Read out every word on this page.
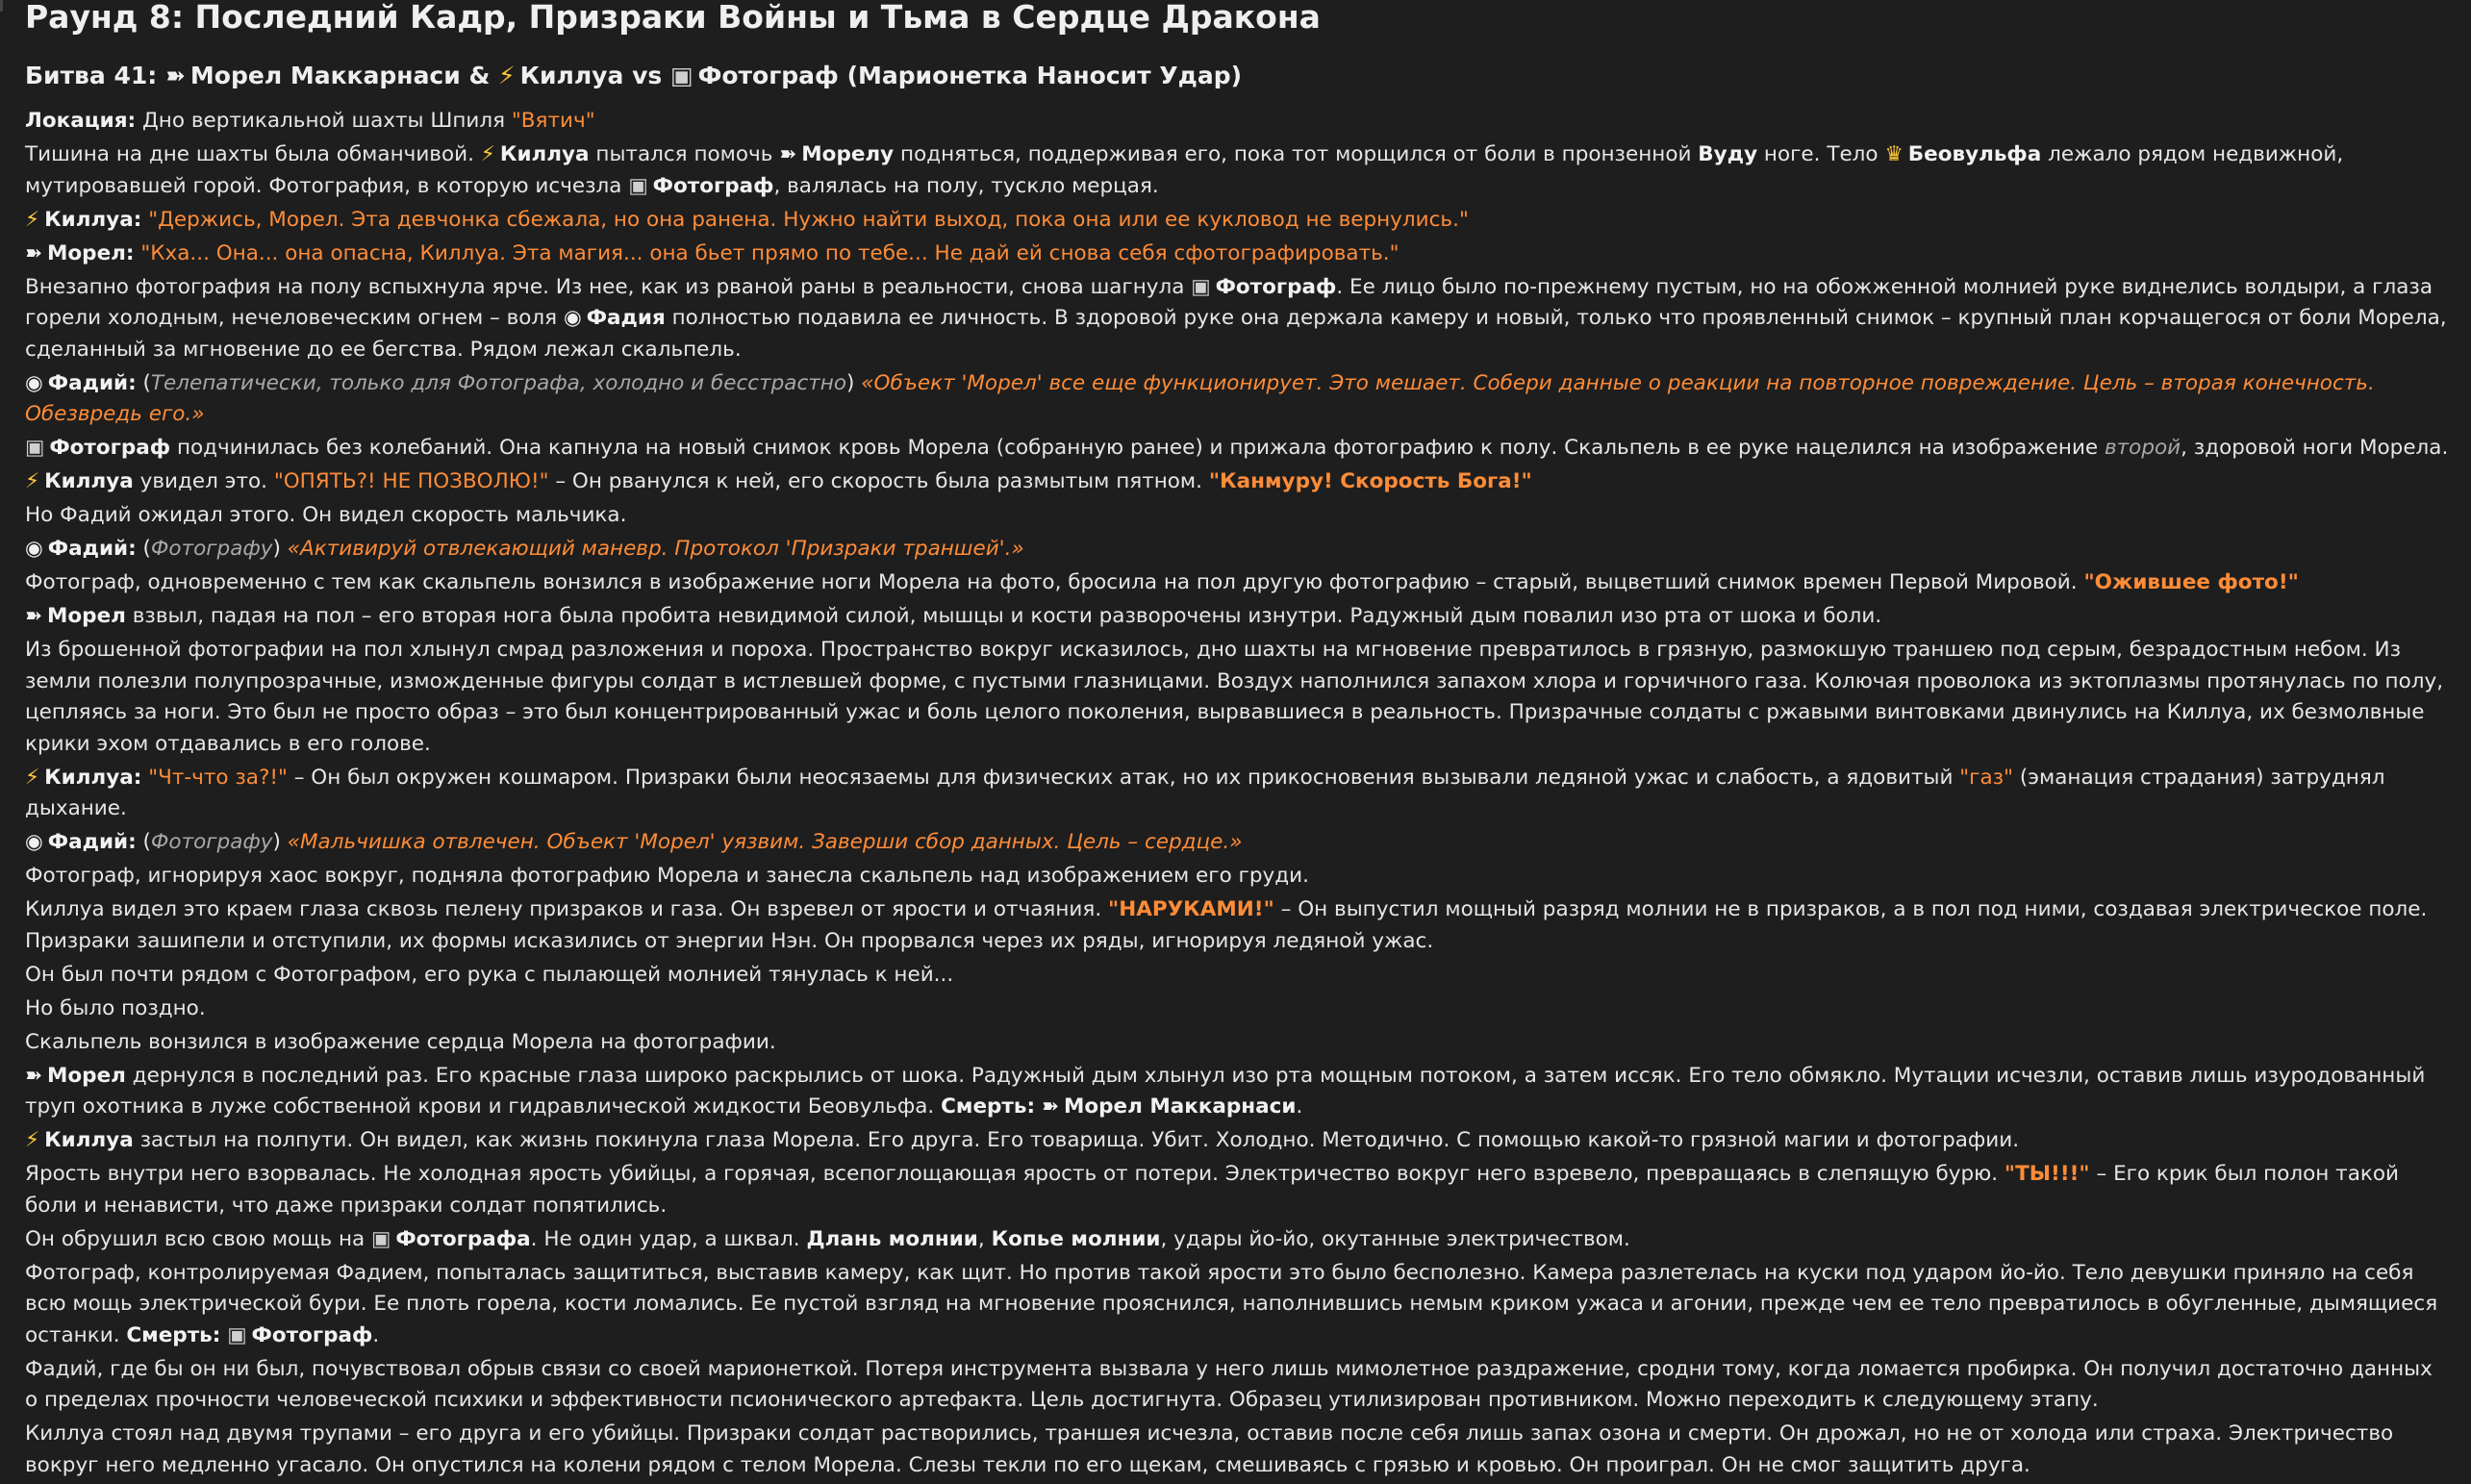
Раунд 8: Последний Кадр, Призраки Войны и Тьма в Сердце Дракона
Битва 41: ➽ Морел Маккарнаси & ⚡ Киллуа vs ▣ Фотограф (Марионетка Наносит Удар)
Локация: Дно вертикальной шахты Шпиля "Вятич"
Тишина на дне шахты была обманчивой. ⚡ Киллуа пытался помочь ➽ Морелу подняться, поддерживая его, пока тот морщился от боли в пронзенной Вуду ноге. Тело ♛ Беовульфа лежало рядом недвижной, мутировавшей горой. Фотография, в которую исчезла ▣ Фотограф, валялась на полу, тускло мерцая.
⚡ Киллуа: "Держись, Морел. Эта девчонка сбежала, но она ранена. Нужно найти выход, пока она или ее кукловод не вернулись."
➽ Морел: "Кха... Она... она опасна, Киллуа. Эта магия... она бьет прямо по тебе... Не дай ей снова себя сфотографировать."
Внезапно фотография на полу вспыхнула ярче. Из нее, как из рваной раны в реальности, снова шагнула ▣ Фотограф. Ее лицо было по-прежнему пустым, но на обожженной молнией руке виднелись волдыри, а глаза горели холодным, нечеловеческим огнем – воля ◉ Фадия полностью подавила ее личность. В здоровой руке она держала камеру и новый, только что проявленный снимок – крупный план корчащегося от боли Морела, сделанный за мгновение до ее бегства. Рядом лежал скальпель.
◉ Фадий: (Телепатически, только для Фотографа, холодно и бесстрастно) «Объект 'Морел' все еще функционирует. Это мешает. Собери данные о реакции на повторное повреждение. Цель – вторая конечность. Обезвредь его.»
▣ Фотограф подчинилась без колебаний. Она капнула на новый снимок кровь Морела (собранную ранее) и прижала фотографию к полу. Скальпель в ее руке нацелился на изображение второй, здоровой ноги Морела.
⚡ Киллуа увидел это. "ОПЯТЬ?! НЕ ПОЗВОЛЮ!" – Он рванулся к ней, его скорость была размытым пятном. "Канмуру! Скорость Бога!"
Но Фадий ожидал этого. Он видел скорость мальчика.
◉ Фадий: (Фотографу) «Активируй отвлекающий маневр. Протокол 'Призраки траншей'.»
Фотограф, одновременно с тем как скальпель вонзился в изображение ноги Морела на фото, бросила на пол другую фотографию – старый, выцветший снимок времен Первой Мировой. "Ожившее фото!"
➽ Морел взвыл, падая на пол – его вторая нога была пробита невидимой силой, мышцы и кости разворочены изнутри. Радужный дым повалил изо рта от шока и боли.
Из брошенной фотографии на пол хлынул смрад разложения и пороха. Пространство вокруг исказилось, дно шахты на мгновение превратилось в грязную, размокшую траншею под серым, безрадостным небом. Из земли полезли полупрозрачные, изможденные фигуры солдат в истлевшей форме, с пустыми глазницами. Воздух наполнился запахом хлора и горчичного газа. Колючая проволока из эктоплазмы протянулась по полу, цепляясь за ноги. Это был не просто образ – это был концентрированный ужас и боль целого поколения, вырвавшиеся в реальность. Призрачные солдаты с ржавыми винтовками двинулись на Киллуа, их безмолвные крики эхом отдавались в его голове.
⚡ Киллуа: "Чт-что за?!" – Он был окружен кошмаром. Призраки были неосязаемы для физических атак, но их прикосновения вызывали ледяной ужас и слабость, а ядовитый "газ" (эманация страдания) затруднял дыхание.
◉ Фадий: (Фотографу) «Мальчишка отвлечен. Объект 'Морел' уязвим. Заверши сбор данных. Цель – сердце.»
Фотограф, игнорируя хаос вокруг, подняла фотографию Морела и занесла скальпель над изображением его груди.
Киллуа видел это краем глаза сквозь пелену призраков и газа. Он взревел от ярости и отчаяния. "НАРУКАМИ!" – Он выпустил мощный разряд молнии не в призраков, а в пол под ними, создавая электрическое поле. Призраки зашипели и отступили, их формы исказились от энергии Нэн. Он прорвался через их ряды, игнорируя ледяной ужас.
Он был почти рядом с Фотографом, его рука с пылающей молнией тянулась к ней...
Но было поздно.
Скальпель вонзился в изображение сердца Морела на фотографии.
➽ Морел дернулся в последний раз. Его красные глаза широко раскрылись от шока. Радужный дым хлынул изо рта мощным потоком, а затем иссяк. Его тело обмякло. Мутации исчезли, оставив лишь изуродованный труп охотника в луже собственной крови и гидравлической жидкости Беовульфа. Смерть: ➽ Морел Маккарнаси.
⚡ Киллуа застыл на полпути. Он видел, как жизнь покинула глаза Морела. Его друга. Его товарища. Убит. Холодно. Методично. С помощью какой-то грязной магии и фотографии.
Ярость внутри него взорвалась. Не холодная ярость убийцы, а горячая, всепоглощающая ярость от потери. Электричество вокруг него взревело, превращаясь в слепящую бурю. "ТЫ!!!" – Его крик был полон такой боли и ненависти, что даже призраки солдат попятились.
Он обрушил всю свою мощь на ▣ Фотографа. Не один удар, а шквал. Длань молнии, Копье молнии, удары йо-йо, окутанные электричеством.
Фотограф, контролируемая Фадием, попыталась защититься, выставив камеру, как щит. Но против такой ярости это было бесполезно. Камера разлетелась на куски под ударом йо-йо. Тело девушки приняло на себя всю мощь электрической бури. Ее плоть горела, кости ломались. Ее пустой взгляд на мгновение прояснился, наполнившись немым криком ужаса и агонии, прежде чем ее тело превратилось в обугленные, дымящиеся останки. Смерть: ▣ Фотограф.
Фадий, где бы он ни был, почувствовал обрыв связи со своей марионеткой. Потеря инструмента вызвала у него лишь мимолетное раздражение, сродни тому, когда ломается пробирка. Он получил достаточно данных о пределах прочности человеческой психики и эффективности псионического артефакта. Цель достигнута. Образец утилизирован противником. Можно переходить к следующему этапу.
Киллуа стоял над двумя трупами – его друга и его убийцы. Призраки солдат растворились, траншея исчезла, оставив после себя лишь запах озона и смерти. Он дрожал, но не от холода или страха. Электричество вокруг него медленно угасало. Он опустился на колени рядом с телом Морела. Слезы текли по его щекам, смешиваясь с грязью и кровью. Он проиграл. Он не смог защитить друга.
